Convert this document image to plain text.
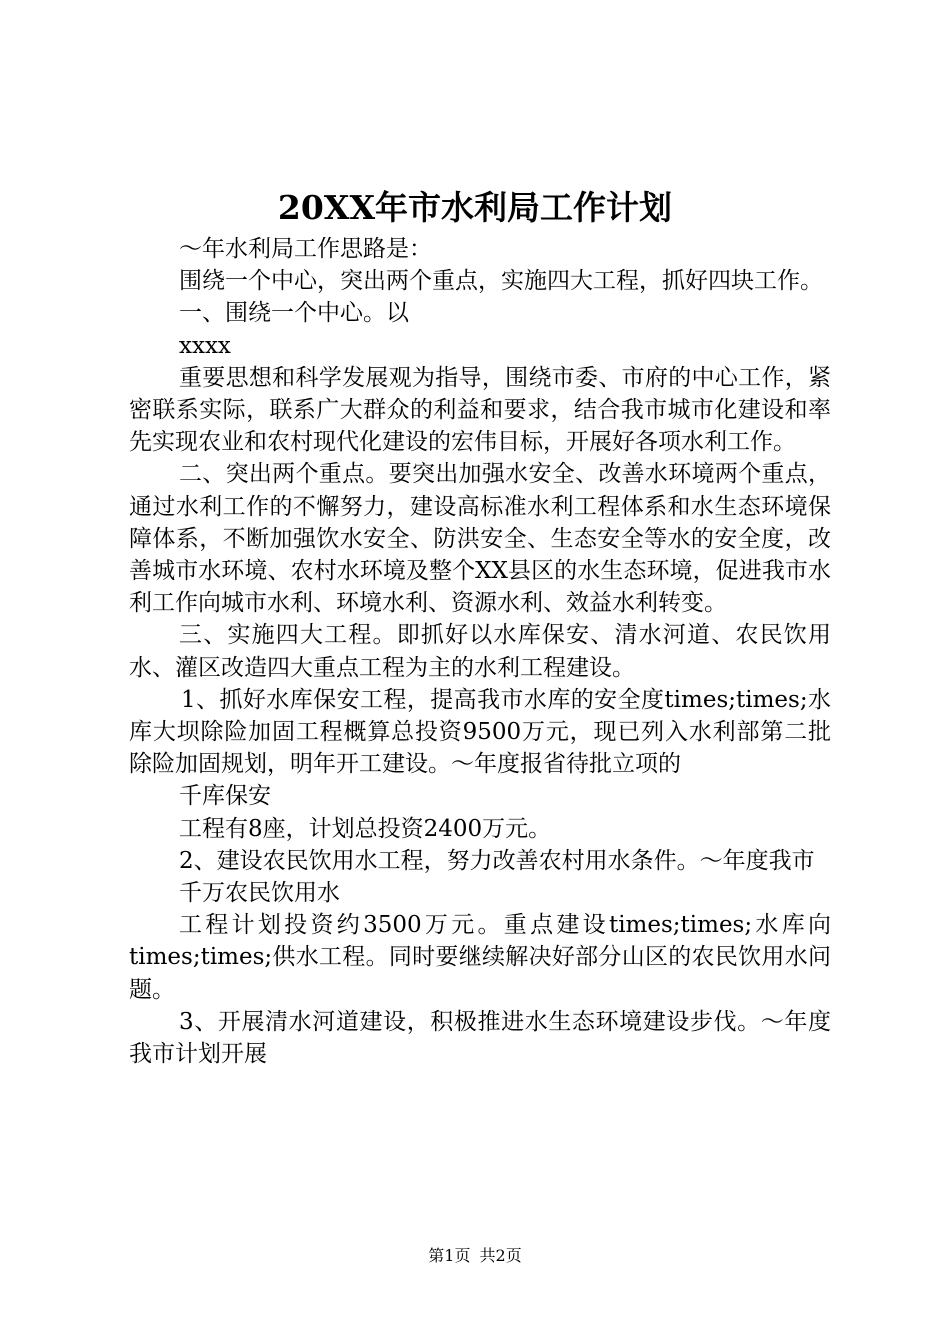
20XX年市水利局工作计划

～年水利局工作思路是：

围绕一个中心，突出两个重点，实施四大工程，抓好四块工作。

一、围绕一个中心。以

xxxx

重要思想和科学发展观为指导，围绕市委、市府的中心工作，紧密联系实际，联系广大群众的利益和要求，结合我市城市化建设和率先实现农业和农村现代化建设的宏伟目标，开展好各项水利工作。

二、突出两个重点。要突出加强水安全、改善水环境两个重点，通过水利工作的不懈努力，建设高标准水利工程体系和水生态环境保障体系，不断加强饮水安全、防洪安全、生态安全等水的安全度，改善城市水环境、农村水环境及整个XX县区的水生态环境，促进我市水利工作向城市水利、环境水利、资源水利、效益水利转变。

三、实施四大工程。即抓好以水库保安、清水河道、农民饮用水、灌区改造四大重点工程为主的水利工程建设。

1、抓好水库保安工程，提高我市水库的安全度times;times;水库大坝除险加固工程概算总投资9500万元，现已列入水利部第二批除险加固规划，明年开工建设。～年度报省待批立项的

千库保安

工程有8座，计划总投资2400万元。

2、建设农民饮用水工程，努力改善农村用水条件。～年度我市

千万农民饮用水

工程计划投资约3500万元。重点建设times;times;水库向times;times;供水工程。同时要继续解决好部分山区的农民饮用水问题。

3、开展清水河道建设，积极推进水生态环境建设步伐。～年度我市计划开展

第1页 共2页
